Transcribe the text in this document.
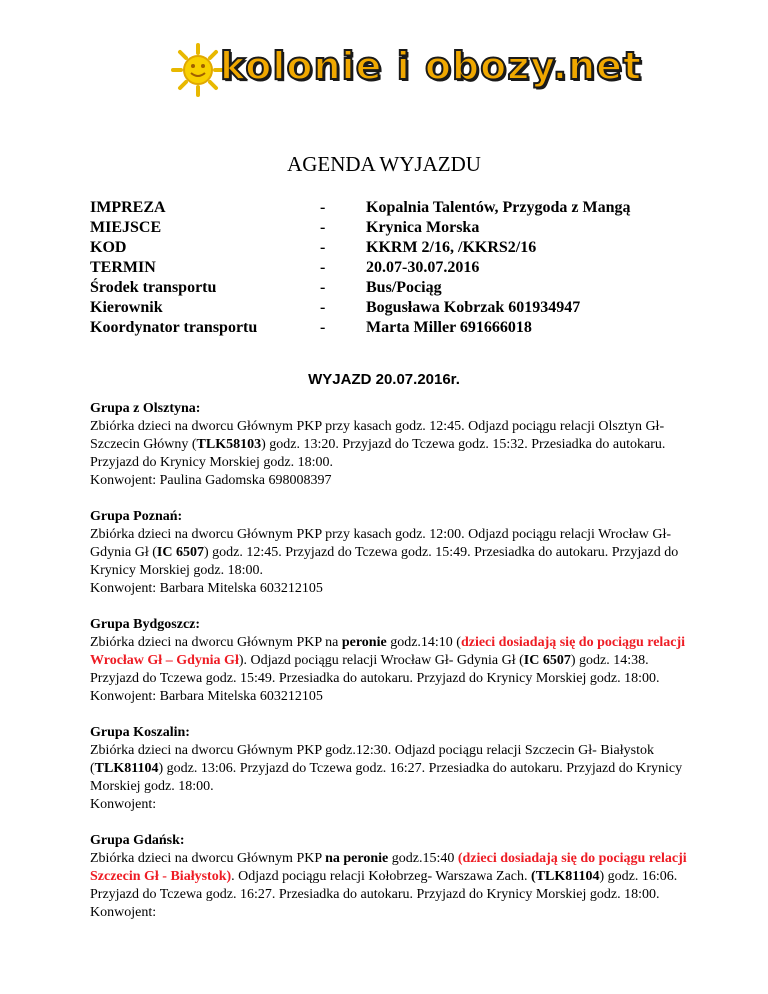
kolonie i obozy.net
AGENDA WYJAZDU
IMPREZA	-	Kopalnia Talentów, Przygoda z Mangą
MIEJSCE	-	Krynica Morska
KOD	-	KKRM 2/16, /KKRS2/16
TERMIN	-	20.07-30.07.2016
Środek transportu	-	Bus/Pociąg
Kierownik	-	Bogusława Kobrzak 601934947
Koordynator transportu	-	Marta Miller 691666018
WYJAZD 20.07.2016r.

Grupa z Olsztyna:

Zbiórka dzieci na dworcu Głównym PKP przy kasach godz. 12:45. Odjazd pociągu relacji Olsztyn Gł- Szczecin Główny (TLK58103) godz. 13:20. Przyjazd do Tczewa godz. 15:32. Przesiadka do autokaru. Przyjazd do Krynicy Morskiej godz. 18:00.

Konwojent: Paulina Gadomska 698008397

Grupa Poznań:

Zbiórka dzieci na dworcu Głównym PKP przy kasach godz. 12:00. Odjazd pociągu relacji Wrocław Gł- Gdynia Gł (IC 6507) godz. 12:45. Przyjazd do Tczewa godz. 15:49. Przesiadka do autokaru. Przyjazd do Krynicy Morskiej godz. 18:00.

Konwojent: Barbara Mitelska 603212105

Grupa Bydgoszcz:

Zbiórka dzieci na dworcu Głównym PKP na peronie godz.14:10 (dzieci dosiadają się do pociągu relacji Wrocław Gł – Gdynia Gł). Odjazd pociągu relacji Wrocław Gł- Gdynia Gł (IC 6507) godz. 14:38. Przyjazd do Tczewa godz. 15:49. Przesiadka do autokaru. Przyjazd do Krynicy Morskiej godz. 18:00.

Konwojent: Barbara Mitelska 603212105

Grupa Koszalin:

Zbiórka dzieci na dworcu Głównym PKP godz.12:30. Odjazd pociągu relacji Szczecin Gł- Białystok (TLK81104) godz. 13:06. Przyjazd do Tczewa godz. 16:27. Przesiadka do autokaru. Przyjazd do Krynicy Morskiej godz. 18:00.

Konwojent:

Grupa Gdańsk:

Zbiórka dzieci na dworcu Głównym PKP na peronie godz.15:40 (dzieci dosiadają się do pociągu relacji Szczecin Gł - Białystok). Odjazd pociągu relacji Kołobrzeg- Warszawa Zach. (TLK81104) godz. 16:06. Przyjazd do Tczewa godz. 16:27. Przesiadka do autokaru. Przyjazd do Krynicy Morskiej godz. 18:00.

Konwojent:
